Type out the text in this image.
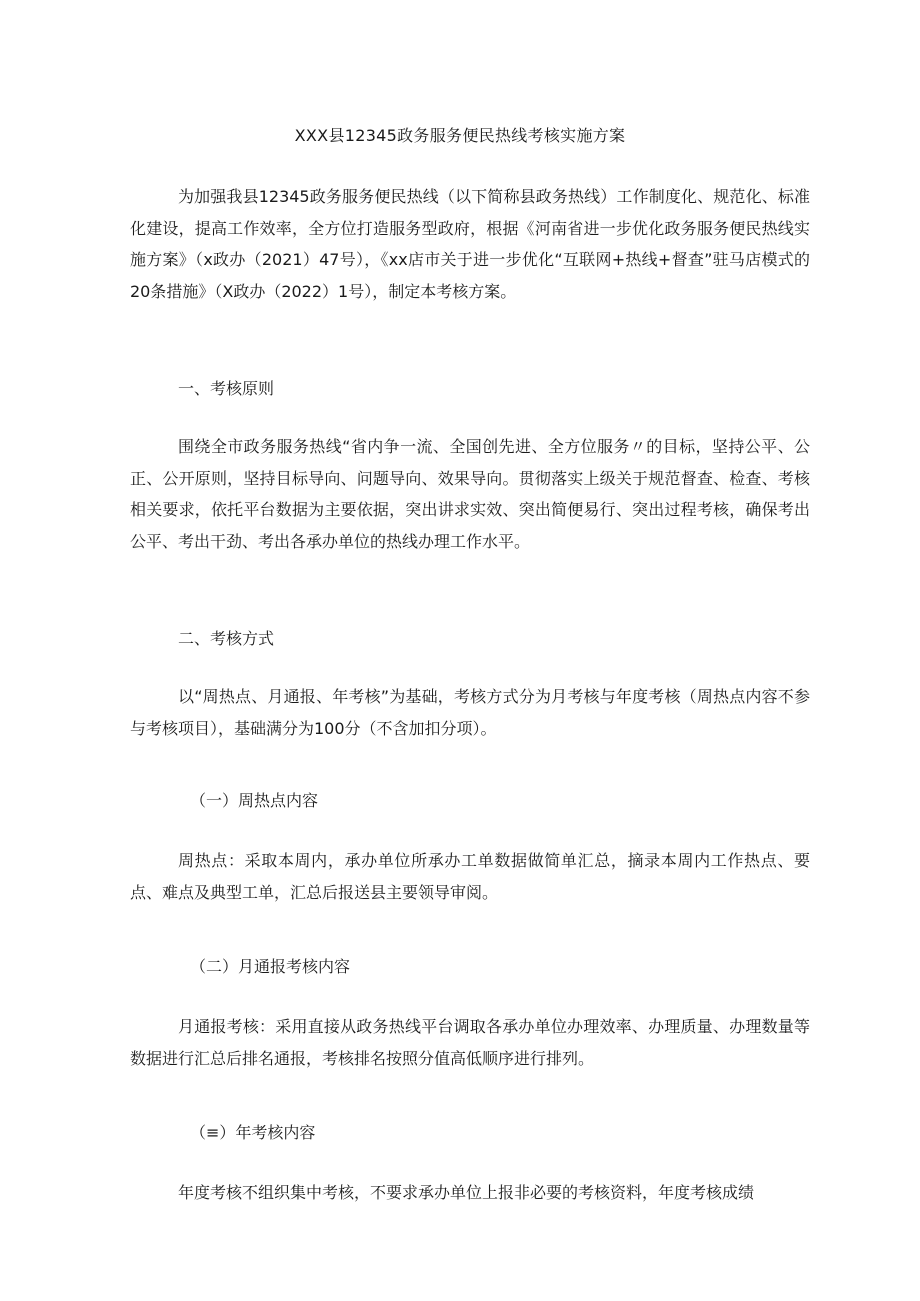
XXX县12345政务服务便民热线考核实施方案

为加强我县12345政务服务便民热线（以下简称县政务热线）工作制度化、规范化、标准化建设，提高工作效率，全方位打造服务型政府，根据《河南省进一步优化政务服务便民热线实施方案》（x政办（2021）47号），《xx店市关于进一步优化“互联网+热线+督查”驻马店模式的20条措施》（X政办（2022）1号），制定本考核方案。

一、考核原则

围绕全市政务服务热线“省内争一流、全国创先进、全方位服务〃的目标，坚持公平、公正、公开原则，坚持目标导向、问题导向、效果导向。贯彻落实上级关于规范督查、检查、考核相关要求，依托平台数据为主要依据，突出讲求实效、突出简便易行、突出过程考核，确保考出公平、考出干劲、考出各承办单位的热线办理工作水平。

二、考核方式

以“周热点、月通报、年考核”为基础，考核方式分为月考核与年度考核（周热点内容不参与考核项目），基础满分为100分（不含加扣分项）。

（一）周热点内容

周热点：采取本周内，承办单位所承办工单数据做简单汇总，摘录本周内工作热点、要点、难点及典型工单，汇总后报送县主要领导审阅。

（二）月通报考核内容

月通报考核：采用直接从政务热线平台调取各承办单位办理效率、办理质量、办理数量等数据进行汇总后排名通报，考核排名按照分值高低顺序进行排列。

（≡）年考核内容

年度考核不组织集中考核，不要求承办单位上报非必要的考核资料，年度考核成绩
